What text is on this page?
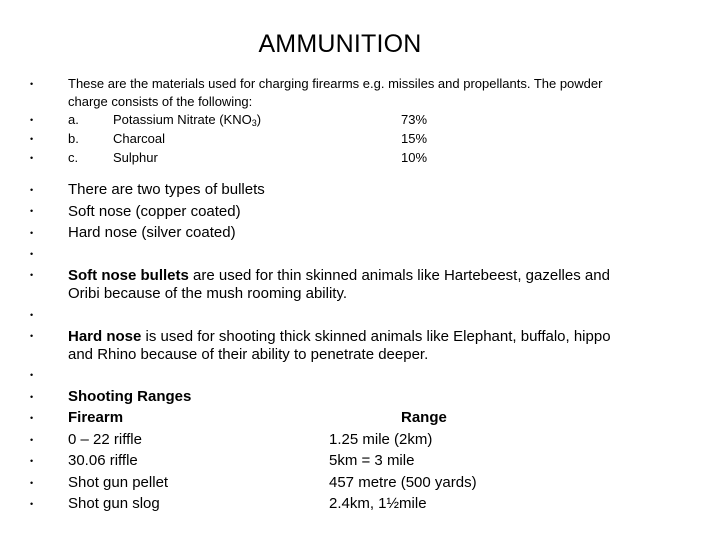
AMMUNITION
•
•
•
•
•
•
•
•
•
•
•
•
•
•
•
•
•
•
These are the materials used for charging firearms e.g. missiles and propellants. The powder
charge consists of the following:
a.	Potassium Nitrate $(KNO_3)$	73%
b.	Charcoal	15%
c.	Sulphur	10%
There are two types of bullets
Soft nose (copper coated)
Hard nose (silver coated)
Soft nose bullets are used for thin skinned animals like Hartebeest, gazelles and
Oribi because of the mush rooming ability.
Hard nose is used for shooting thick skinned animals like Elephant, buffalo, hippo
and Rhino because of their ability to penetrate deeper.
Shooting Ranges
Firearm	Range
0 – 22 riffle	1.25 mile (2km)
30.06 riffle	5km = 3 mile
Shot gun pellet	457 metre (500 yards)
Shot gun slog	2.4km, 1½mile
